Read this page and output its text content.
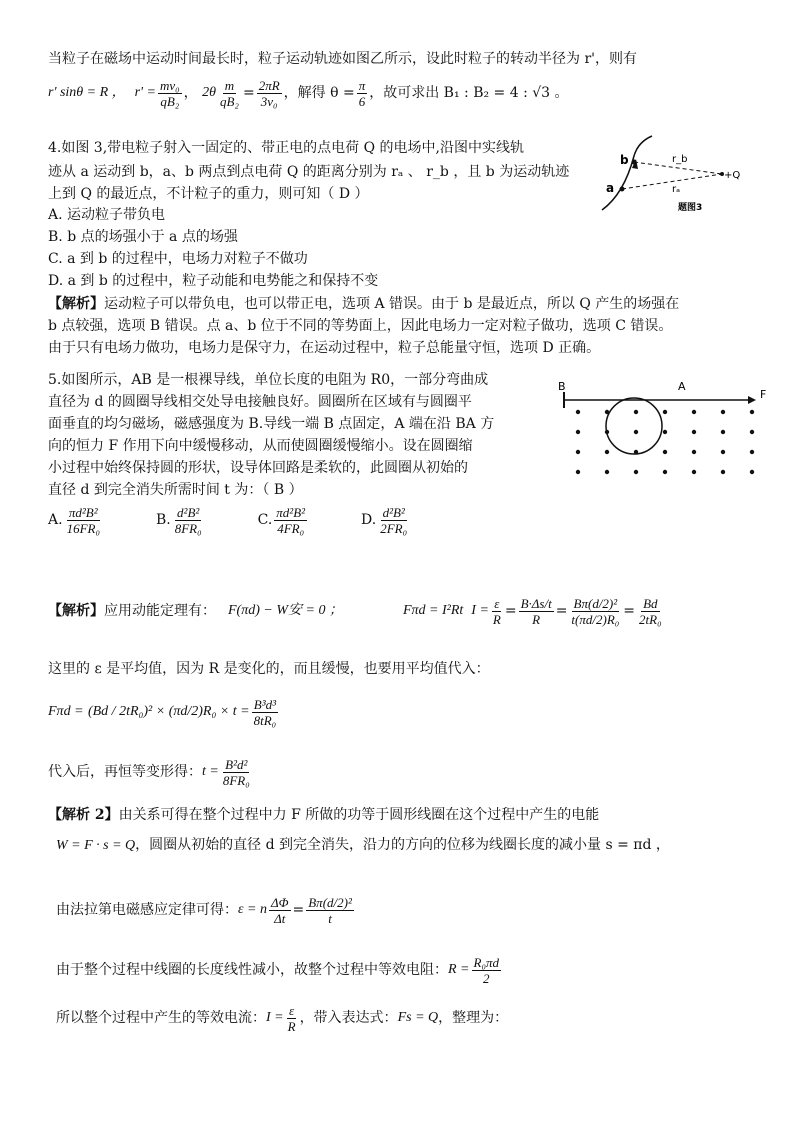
当粒子在磁场中运动时间最长时，粒子运动轨迹如图乙所示，设此时粒子的转动半径为 r'，则有
r' sinθ = R ，
$r' = \frac{\text{mv₀}}{\text{qB₂}}$ ， $2\theta \frac{m}{\text{qB₂}} = \frac{2\pi R}{\text{3v₀}}$ ，解得 $\theta = \frac{\pi}{6}$ ，故可求出 B₁ : B₂ = 4 : √3 。
4.如图 3,带电粒子射入一固定的、带正电的点电荷 Q 的电场中,沿图中实线轨
迹从 a 运动到 b，a、b 两点到点电荷 Q 的距离分别为 rₐ 、 r_b ，且 b 为运动轨迹
上到 Q 的最近点，不计粒子的重力，则可知（ D ）
A. 运动粒子带负电
B. b 点的场强小于 a 点的场强
C. a 到 b 的过程中，电场力对粒子不做功
D. a 到 b 的过程中，粒子动能和电势能之和保持不变
【解析】运动粒子可以带负电，也可以带正电，选项 A 错误。由于 b 是最近点，所以 Q 产生的场强在
b 点较强，选项 B 错误。点 a、b 位于不同的等势面上，因此电场力一定对粒子做功，选项 C 错误。
由于只有电场力做功，电场力是保守力，在运动过程中，粒子总能量守恒，选项 D 正确。
b
a
r_b
rₐ
+Q
题图3
5.如图所示，AB 是一根裸导线，单位长度的电阻为 R0，一部分弯曲成
直径为 d 的圆圈导线相交处导电接触良好。圆圈所在区域有与圆圈平
面垂直的均匀磁场，磁感强度为 B.导线一端 B 点固定，A 端在沿 BA 方
向的恒力 F 作用下向中缓慢移动，从而使圆圈缓慢缩小。设在圆圈缩
小过程中始终保持圆的形状，设导体回路是柔软的，此圆圈从初始的
直径 d 到完全消失所需时间 t 为：（ B ）
B	A
F
A. $\frac{\text{πd²B²}}{\text{16FR₀}}$	B. $\frac{\text{d²B²}}{\text{8FR₀}}$	C. $\frac{\text{πd²B²}}{\text{4FR₀}}$	D. $\frac{\text{d²B²}}{\text{2FR₀}}$
【解析】 应用动能定理有： F(πd) − W安 = 0 ；	Fπd = I²Rt $I = \frac{\varepsilon}{R} = \frac{B\cdot\Delta s/t}{R} = \frac{\text{Bπ(d/2)²}}{\text{t(πd/2)R₀}} = \frac{Bd}{\text{2tR₀}}$
这里的 ε 是平均值，因为 R 是变化的，而且缓慢，也要用平均值代入：
Fπd =
$(Bd / 2tR_0)^2 \times (\pi d/2)R_0 \times t = \frac{\text{B³d³}}{\text{8tR₀}}$
代入后，再恒等变形得： $t = \frac{\text{B²d²}}{\text{8FR₀}}$
【解析 2】由关系可得在整个过程中力 F 所做的功等于圆形线圈在这个过程中产生的电能
W = F · s = Q，圆圈从初始的直径 d 到完全消失，沿力的方向的位移为线圈长度的减小量 s = πd ，
由法拉第电磁感应定律可得： ε = n $\frac{\Delta\Phi}{\Delta t} = \frac{\text{Bπ(d/2)²}}{t}$
由于整个过程中线圈的长度线性减小，故整个过程中等效电阻： $R = \frac{\text{R₀πd}}{2}$
所以整个过程中产生的等效电流： $I = \frac{\varepsilon}{R}$ ，带入表达式： Fs = Q ，整理为：
